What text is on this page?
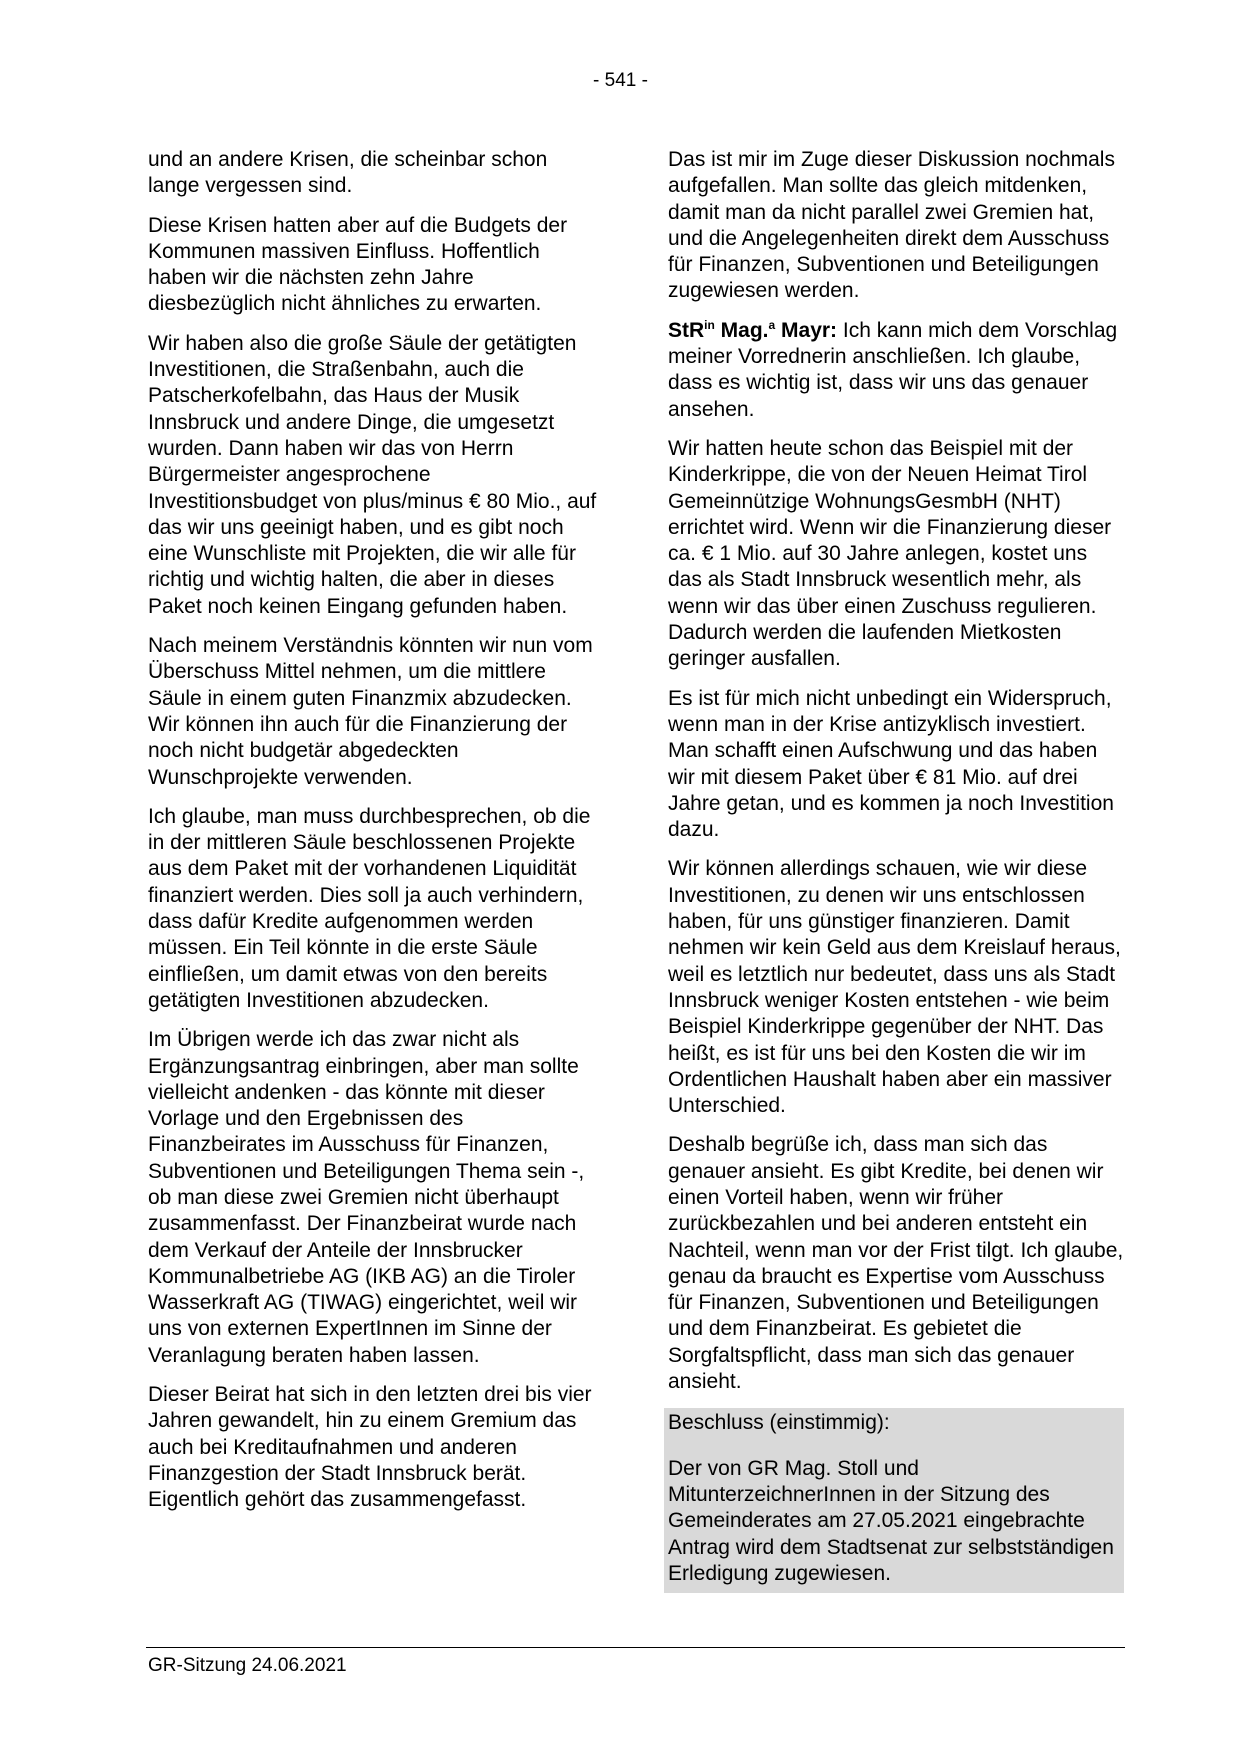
- 541 -

und an andere Krisen, die scheinbar schon lange vergessen sind.

Diese Krisen hatten aber auf die Budgets der Kommunen massiven Einfluss. Hoffentlich haben wir die nächsten zehn Jahre diesbezüglich nicht ähnliches zu erwarten.

Wir haben also die große Säule der getätigten Investitionen, die Straßenbahn, auch die Patscherkofelbahn, das Haus der Musik Innsbruck und andere Dinge, die umgesetzt wurden. Dann haben wir das von Herrn Bürgermeister angesprochene Investitionsbudget von plus/minus € 80 Mio., auf das wir uns geeinigt haben, und es gibt noch eine Wunschliste mit Projekten, die wir alle für richtig und wichtig halten, die aber in dieses Paket noch keinen Eingang gefunden haben.

Nach meinem Verständnis könnten wir nun vom Überschuss Mittel nehmen, um die mittlere Säule in einem guten Finanzmix abzudecken. Wir können ihn auch für die Finanzierung der noch nicht budgetär abgedeckten Wunschprojekte verwenden.

Ich glaube, man muss durchbesprechen, ob die in der mittleren Säule beschlossenen Projekte aus dem Paket mit der vorhandenen Liquidität finanziert werden. Dies soll ja auch verhindern, dass dafür Kredite aufgenommen werden müssen. Ein Teil könnte in die erste Säule einfließen, um damit etwas von den bereits getätigten Investitionen abzudecken.

Im Übrigen werde ich das zwar nicht als Ergänzungsantrag einbringen, aber man sollte vielleicht andenken - das könnte mit dieser Vorlage und den Ergebnissen des Finanzbeirates im Ausschuss für Finanzen, Subventionen und Beteiligungen Thema sein -, ob man diese zwei Gremien nicht überhaupt zusammenfasst. Der Finanzbeirat wurde nach dem Verkauf der Anteile der Innsbrucker Kommunalbetriebe AG (IKB AG) an die Tiroler Wasserkraft AG (TIWAG) eingerichtet, weil wir uns von externen ExpertInnen im Sinne der Veranlagung beraten haben lassen.

Dieser Beirat hat sich in den letzten drei bis vier Jahren gewandelt, hin zu einem Gremium das auch bei Kreditaufnahmen und anderen Finanzgestion der Stadt Innsbruck berät. Eigentlich gehört das zusammengefasst.

Das ist mir im Zuge dieser Diskussion nochmals aufgefallen. Man sollte das gleich mitdenken, damit man da nicht parallel zwei Gremien hat, und die Angelegenheiten direkt dem Ausschuss für Finanzen, Subventionen und Beteiligungen zugewiesen werden.

StR$^{in}$ Mag.$^a$ Mayr: Ich kann mich dem Vorschlag meiner Vorrednerin anschließen. Ich glaube, dass es wichtig ist, dass wir uns das genauer ansehen.

Wir hatten heute schon das Beispiel mit der Kinderkrippe, die von der Neuen Heimat Tirol Gemeinnützige WohnungsGesmbH (NHT) errichtet wird. Wenn wir die Finanzierung dieser ca. € 1 Mio. auf 30 Jahre anlegen, kostet uns das als Stadt Innsbruck wesentlich mehr, als wenn wir das über einen Zuschuss regulieren. Dadurch werden die laufenden Mietkosten geringer ausfallen.

Es ist für mich nicht unbedingt ein Widerspruch, wenn man in der Krise antizyklisch investiert. Man schafft einen Aufschwung und das haben wir mit diesem Paket über € 81 Mio. auf drei Jahre getan, und es kommen ja noch Investition dazu.

Wir können allerdings schauen, wie wir diese Investitionen, zu denen wir uns entschlossen haben, für uns günstiger finanzieren. Damit nehmen wir kein Geld aus dem Kreislauf heraus, weil es letztlich nur bedeutet, dass uns als Stadt Innsbruck weniger Kosten entstehen - wie beim Beispiel Kinderkrippe gegenüber der NHT. Das heißt, es ist für uns bei den Kosten die wir im Ordentlichen Haushalt haben aber ein massiver Unterschied.

Deshalb begrüße ich, dass man sich das genauer ansieht. Es gibt Kredite, bei denen wir einen Vorteil haben, wenn wir früher zurückbezahlen und bei anderen entsteht ein Nachteil, wenn man vor der Frist tilgt. Ich glaube, genau da braucht es Expertise vom Ausschuss für Finanzen, Subventionen und Beteiligungen und dem Finanzbeirat. Es gebietet die Sorgfaltspflicht, dass man sich das genauer ansieht.

Beschluss (einstimmig):

Der von GR Mag. Stoll und MitunterzeichnerInnen in der Sitzung des Gemeinderates am 27.05.2021 eingebrachte Antrag wird dem Stadtsenat zur selbstständigen Erledigung zugewiesen.

GR-Sitzung 24.06.2021
